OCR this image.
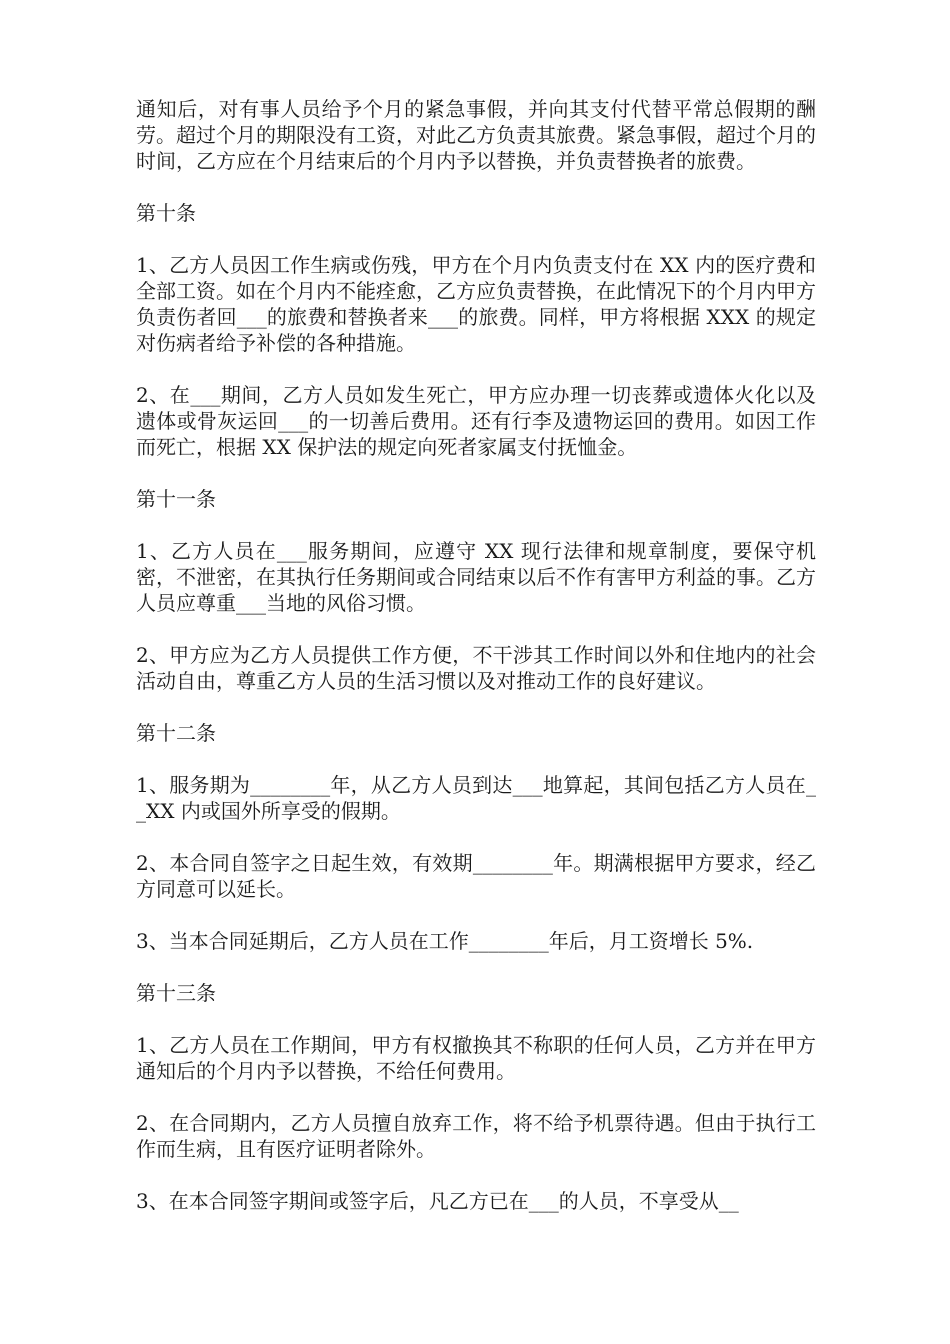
通知后，对有事人员给予个月的紧急事假，并向其支付代替平常总假期的酬劳。超过个月的期限没有工资，对此乙方负责其旅费。紧急事假，超过个月的时间，乙方应在个月结束后的个月内予以替换，并负责替换者的旅费。

第十条

1、乙方人员因工作生病或伤残，甲方在个月内负责支付在 XX 内的医疗费和全部工资。如在个月内不能痊愈，乙方应负责替换，在此情况下的个月内甲方负责伤者回___的旅费和替换者来___的旅费。同样，甲方将根据 XXX 的规定对伤病者给予补偿的各种措施。

2、在___期间，乙方人员如发生死亡，甲方应办理一切丧葬或遗体火化以及遗体或骨灰运回___的一切善后费用。还有行李及遗物运回的费用。如因工作而死亡，根据 XX 保护法的规定向死者家属支付抚恤金。

第十一条

1、乙方人员在___服务期间，应遵守 XX 现行法律和规章制度，要保守机密，不泄密，在其执行任务期间或合同结束以后不作有害甲方利益的事。乙方人员应尊重___当地的风俗习惯。

2、甲方应为乙方人员提供工作方便，不干涉其工作时间以外和住地内的社会活动自由，尊重乙方人员的生活习惯以及对推动工作的良好建议。

第十二条

1、服务期为________年，从乙方人员到达___地算起，其间包括乙方人员在__XX 内或国外所享受的假期。

2、本合同自签字之日起生效，有效期________年。期满根据甲方要求，经乙方同意可以延长。

3、当本合同延期后，乙方人员在工作________年后，月工资增长 5%.

第十三条

1、乙方人员在工作期间，甲方有权撤换其不称职的任何人员，乙方并在甲方通知后的个月内予以替换，不给任何费用。

2、在合同期内，乙方人员擅自放弃工作，将不给予机票待遇。但由于执行工作而生病，且有医疗证明者除外。

3、在本合同签字期间或签字后，凡乙方已在___的人员，不享受从__
